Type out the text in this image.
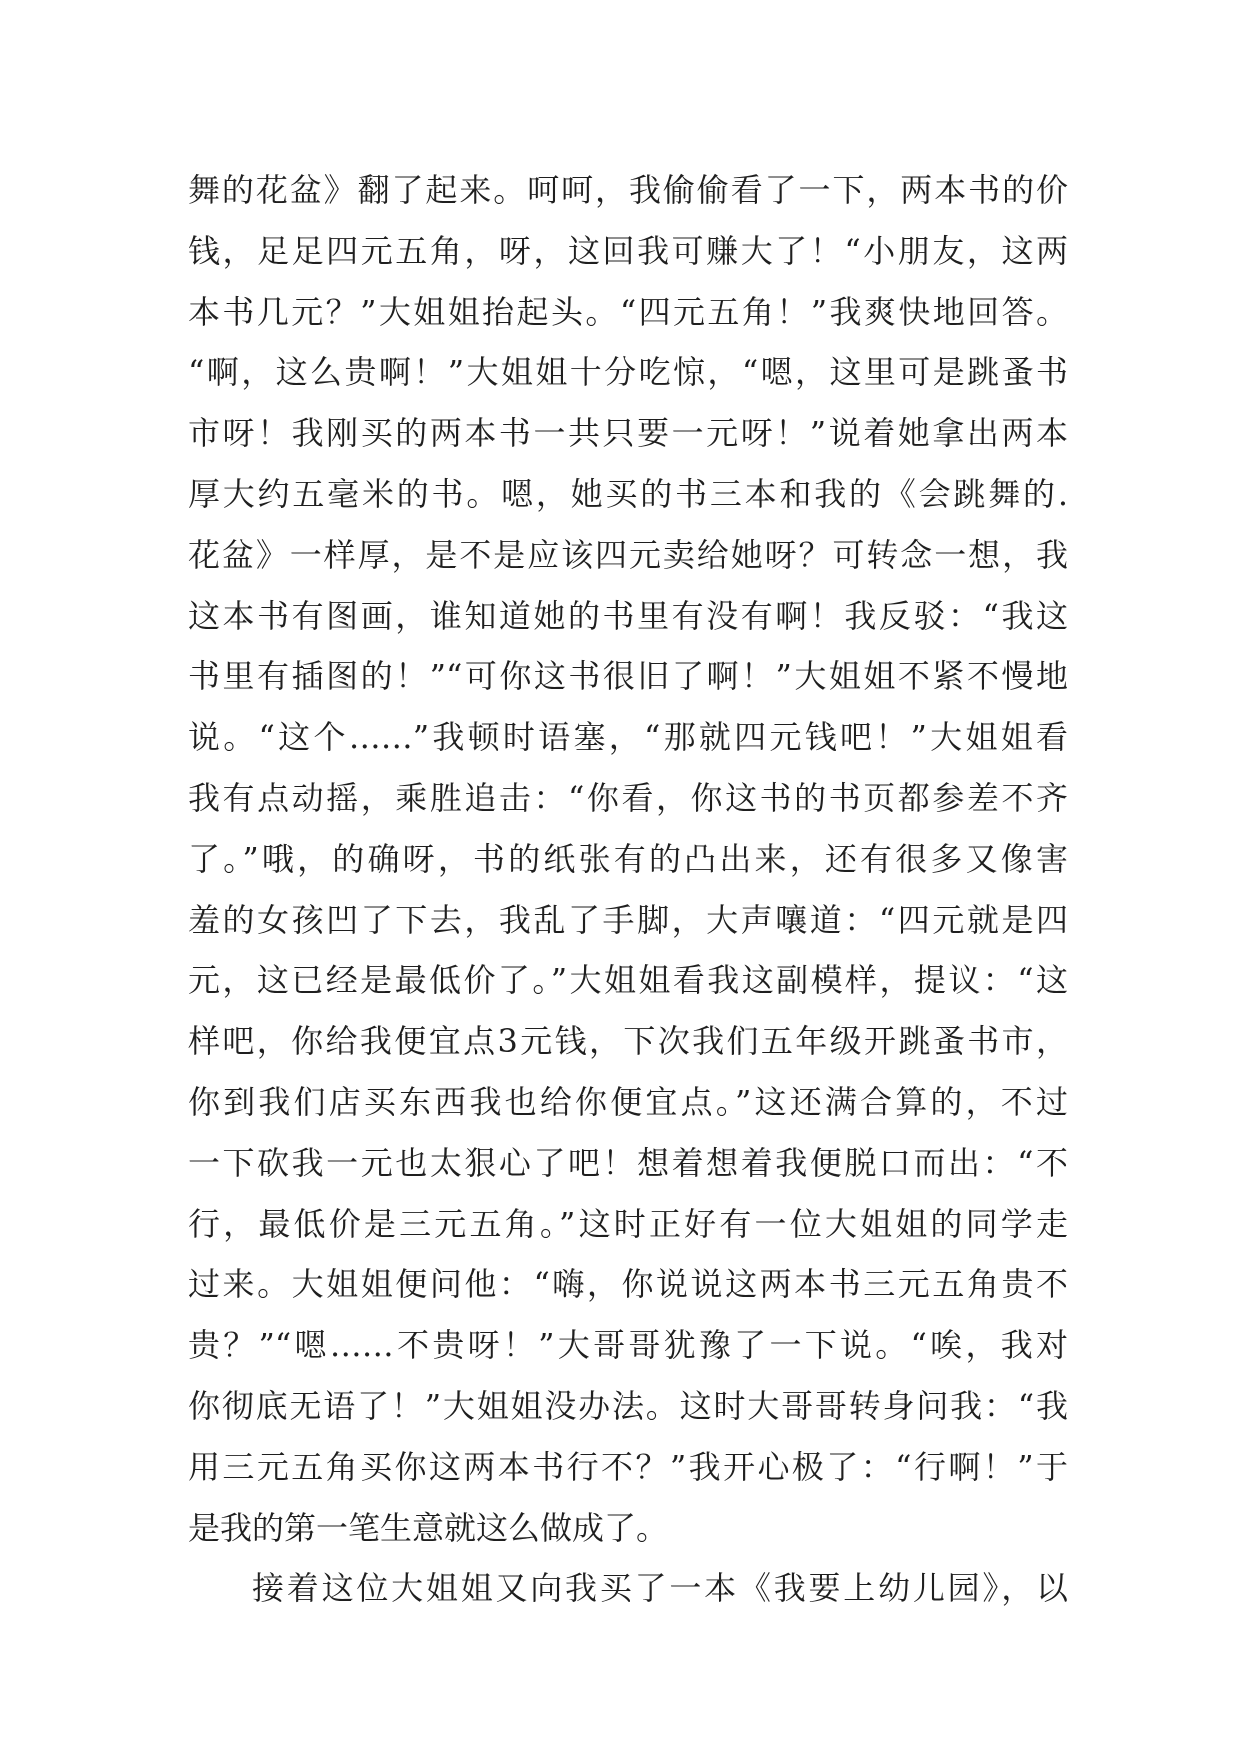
舞的花盆》翻了起来。呵呵，我偷偷看了一下，两本书的价
钱，足足四元五角，呀，这回我可赚大了！“小朋友，这两
本书几元？”大姐姐抬起头。“四元五角！”我爽快地回答。
“啊，这么贵啊！”大姐姐十分吃惊，“嗯，这里可是跳蚤书
市呀！我刚买的两本书一共只要一元呀！”说着她拿出两本
厚大约五毫米的书。嗯，她买的书三本和我的《会跳舞的.
花盆》一样厚，是不是应该四元卖给她呀？可转念一想，我
这本书有图画，谁知道她的书里有没有啊！我反驳：“我这
书里有插图的！”“可你这书很旧了啊！”大姐姐不紧不慢地
说。“这个……”我顿时语塞，“那就四元钱吧！”大姐姐看
我有点动摇，乘胜追击：“你看，你这书的书页都参差不齐
了。”哦，的确呀，书的纸张有的凸出来，还有很多又像害
羞的女孩凹了下去，我乱了手脚，大声嚷道：“四元就是四
元，这已经是最低价了。”大姐姐看我这副模样，提议：“这
样吧，你给我便宜点3元钱，下次我们五年级开跳蚤书市，
你到我们店买东西我也给你便宜点。”这还满合算的，不过
一下砍我一元也太狠心了吧！想着想着我便脱口而出：“不
行，最低价是三元五角。”这时正好有一位大姐姐的同学走
过来。大姐姐便问他：“嗨，你说说这两本书三元五角贵不
贵？”“嗯……不贵呀！”大哥哥犹豫了一下说。“唉，我对
你彻底无语了！”大姐姐没办法。这时大哥哥转身问我：“我
用三元五角买你这两本书行不？”我开心极了：“行啊！”于
是我的第一笔生意就这么做成了。
接着这位大姐姐又向我买了一本《我要上幼儿园》，以
